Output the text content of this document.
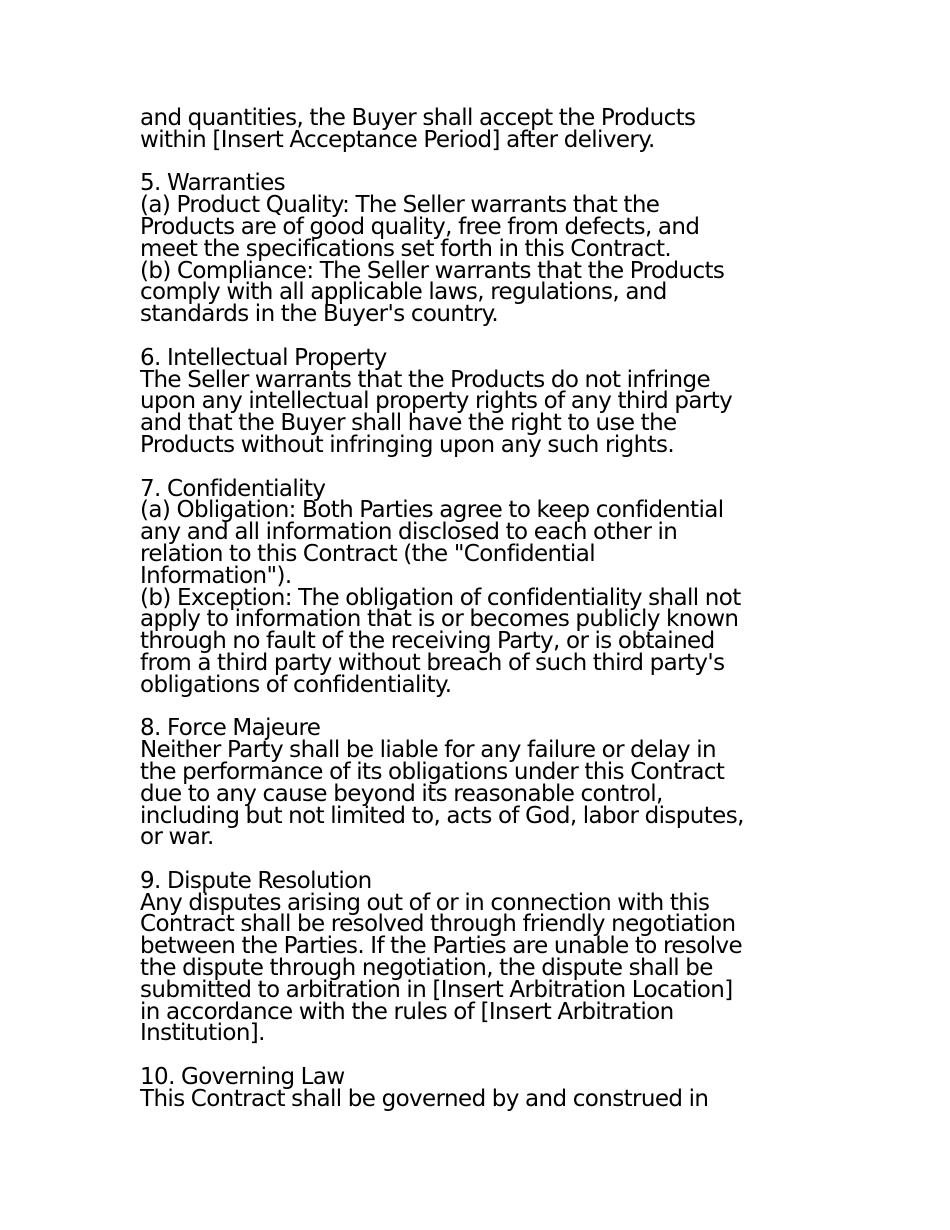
and quantities, the Buyer shall accept the Products
within [Insert Acceptance Period] after delivery.
5. Warranties
(a) Product Quality: The Seller warrants that the
Products are of good quality, free from defects, and
meet the specifications set forth in this Contract.
(b) Compliance: The Seller warrants that the Products
comply with all applicable laws, regulations, and
standards in the Buyer's country.
6. Intellectual Property
The Seller warrants that the Products do not infringe
upon any intellectual property rights of any third party
and that the Buyer shall have the right to use the
Products without infringing upon any such rights.
7. Confidentiality
(a) Obligation: Both Parties agree to keep confidential
any and all information disclosed to each other in
relation to this Contract (the "Confidential
Information").
(b) Exception: The obligation of confidentiality shall not
apply to information that is or becomes publicly known
through no fault of the receiving Party, or is obtained
from a third party without breach of such third party's
obligations of confidentiality.
8. Force Majeure
Neither Party shall be liable for any failure or delay in
the performance of its obligations under this Contract
due to any cause beyond its reasonable control,
including but not limited to, acts of God, labor disputes,
or war.
9. Dispute Resolution
Any disputes arising out of or in connection with this
Contract shall be resolved through friendly negotiation
between the Parties. If the Parties are unable to resolve
the dispute through negotiation, the dispute shall be
submitted to arbitration in [Insert Arbitration Location]
in accordance with the rules of [Insert Arbitration
Institution].
10. Governing Law
This Contract shall be governed by and construed in
